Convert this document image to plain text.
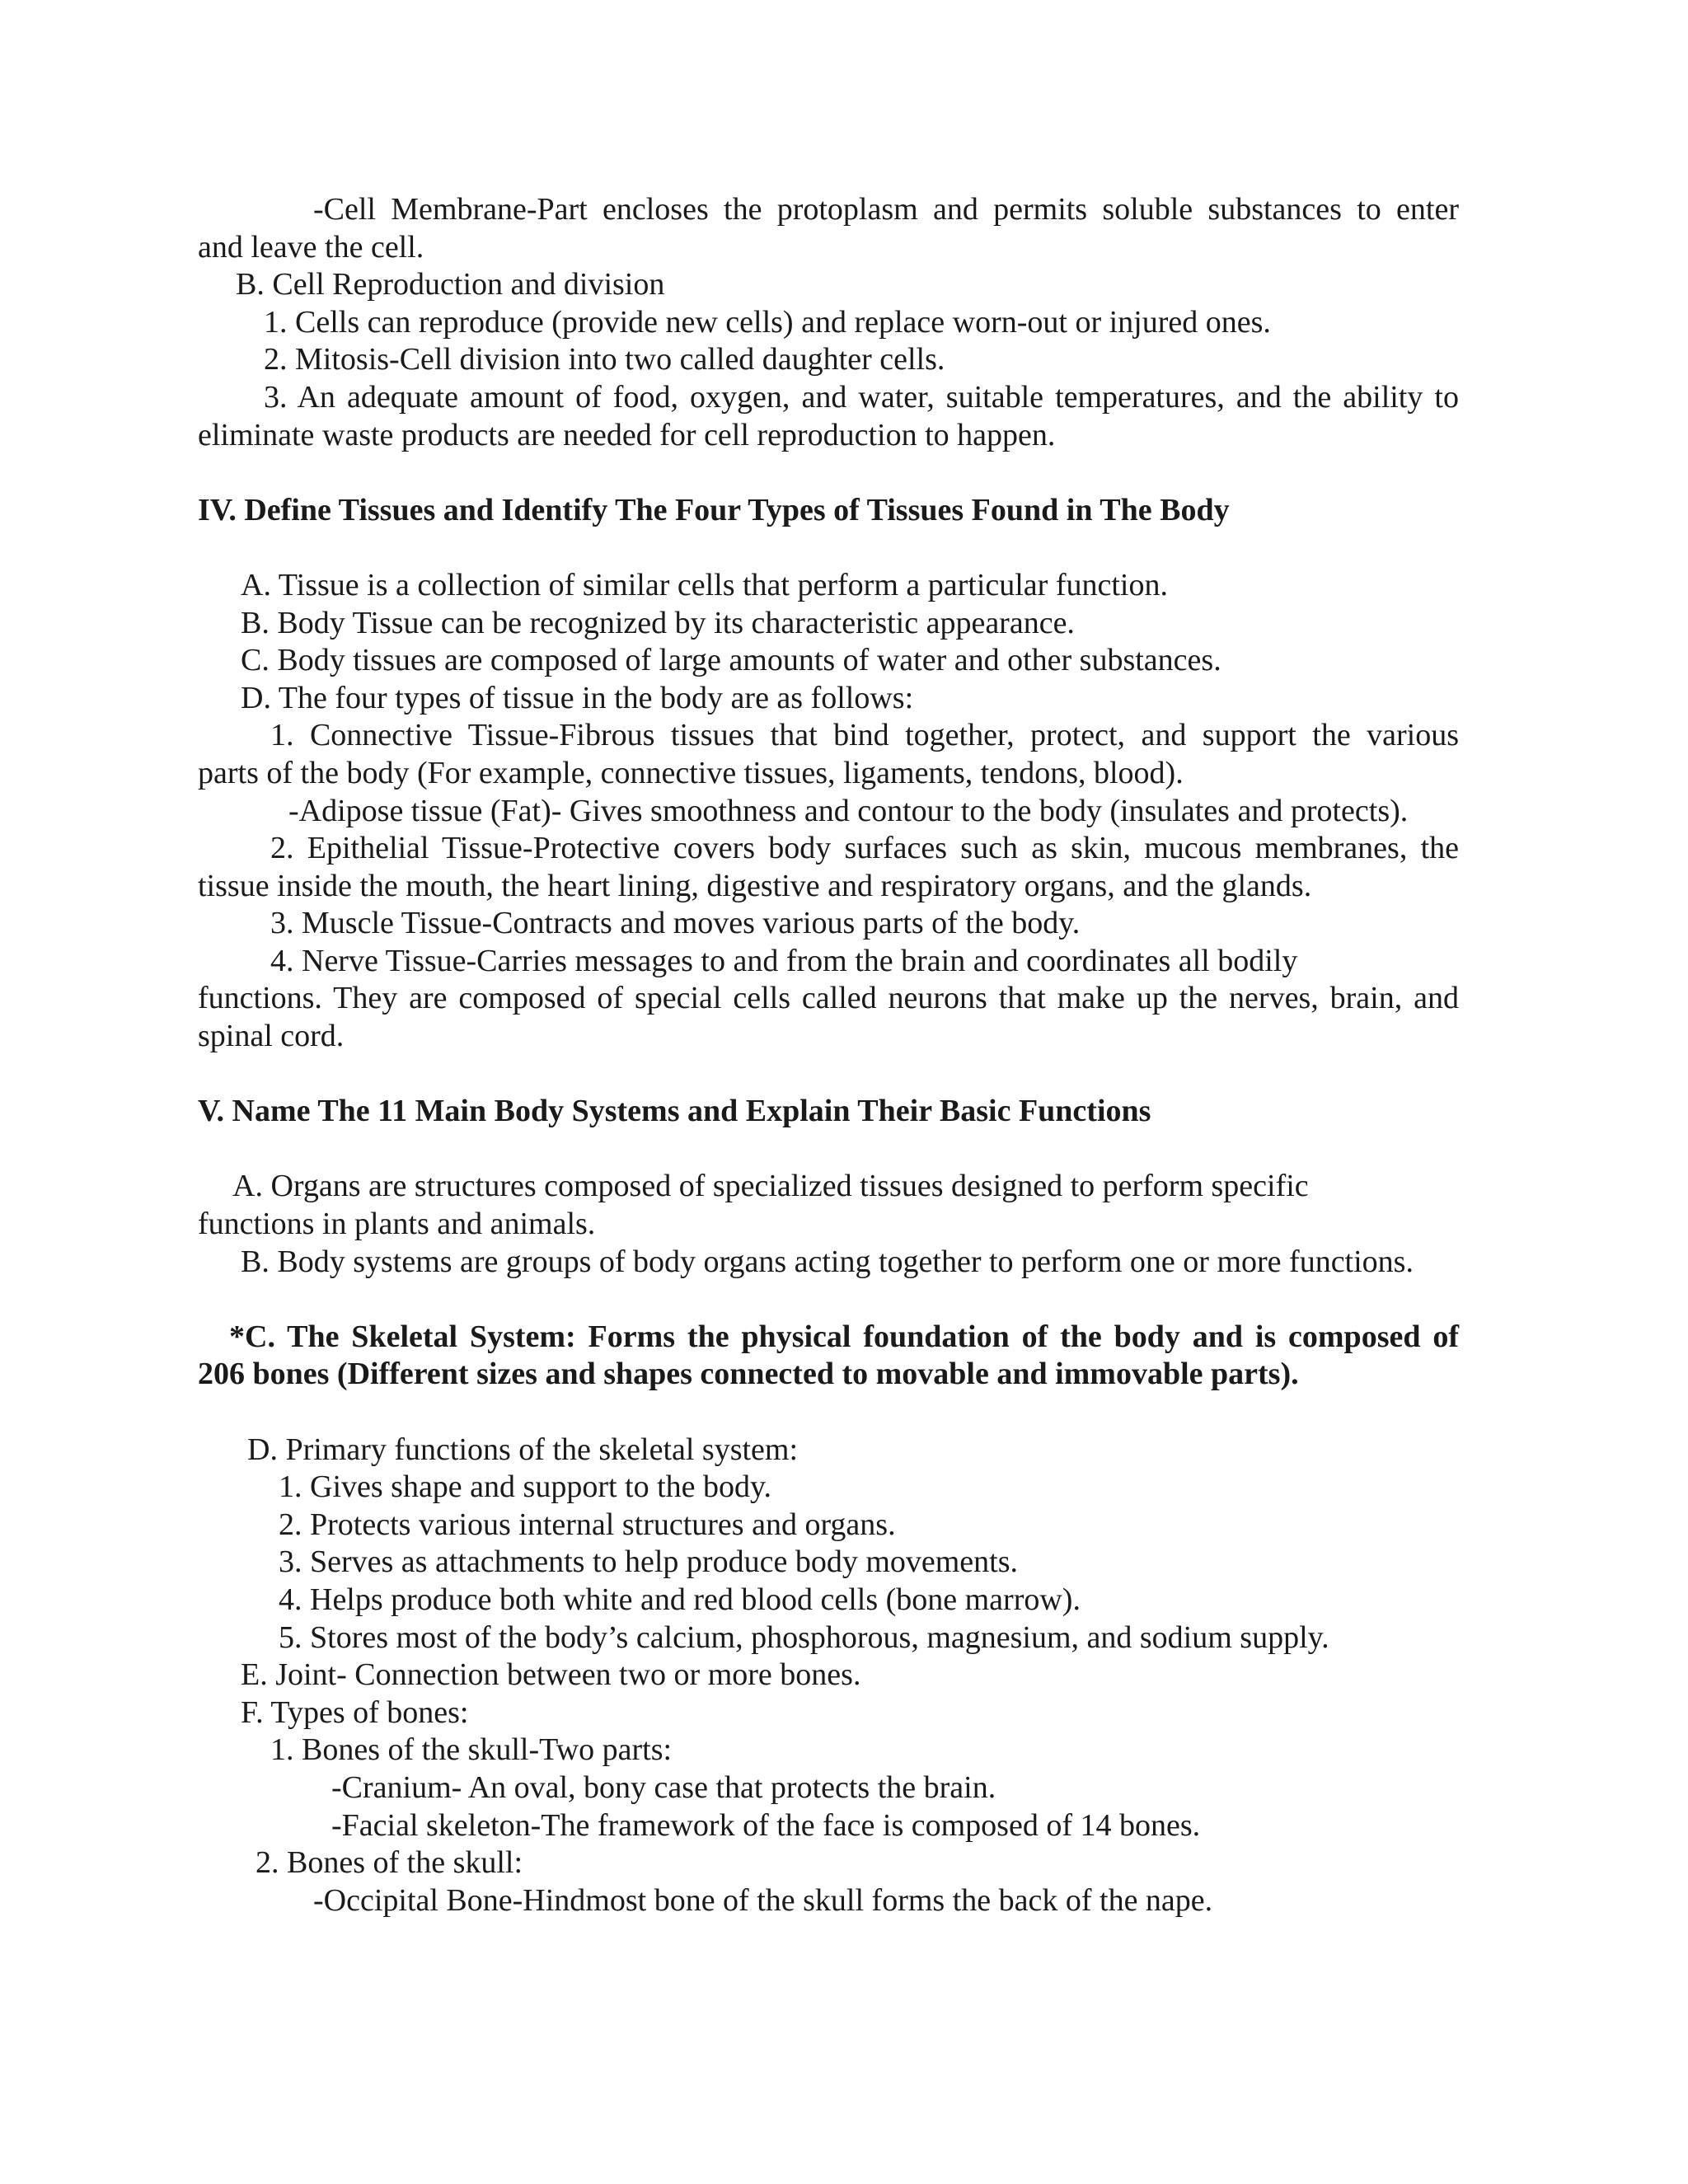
-Cell Membrane-Part encloses the protoplasm and permits soluble substances to enter

and leave the cell.

B. Cell Reproduction and division

1. Cells can reproduce (provide new cells) and replace worn-out or injured ones.

2. Mitosis-Cell division into two called daughter cells.

3. An adequate amount of food, oxygen, and water, suitable temperatures, and the ability to

eliminate waste products are needed for cell reproduction to happen.

IV. Define Tissues and Identify The Four Types of Tissues Found in The Body

A. Tissue is a collection of similar cells that perform a particular function.

B. Body Tissue can be recognized by its characteristic appearance.

C. Body tissues are composed of large amounts of water and other substances.

D. The four types of tissue in the body are as follows:

1. Connective Tissue-Fibrous tissues that bind together, protect, and support the various

parts of the body (For example, connective tissues, ligaments, tendons, blood).

-Adipose tissue (Fat)- Gives smoothness and contour to the body (insulates and protects).

2. Epithelial Tissue-Protective covers body surfaces such as skin, mucous membranes, the

tissue inside the mouth, the heart lining, digestive and respiratory organs, and the glands.

3. Muscle Tissue-Contracts and moves various parts of the body.

4. Nerve Tissue-Carries messages to and from the brain and coordinates all bodily

functions. They are composed of special cells called neurons that make up the nerves, brain, and

spinal cord.

V. Name The 11 Main Body Systems and Explain Their Basic Functions

A. Organs are structures composed of specialized tissues designed to perform specific

functions in plants and animals.

B. Body systems are groups of body organs acting together to perform one or more functions.

*C. The Skeletal System: Forms the physical foundation of the body and is composed of

206 bones (Different sizes and shapes connected to movable and immovable parts).

D. Primary functions of the skeletal system:

1. Gives shape and support to the body.

2. Protects various internal structures and organs.

3. Serves as attachments to help produce body movements.

4. Helps produce both white and red blood cells (bone marrow).

5. Stores most of the body’s calcium, phosphorous, magnesium, and sodium supply.

E. Joint- Connection between two or more bones.

F. Types of bones:

1. Bones of the skull-Two parts:

-Cranium- An oval, bony case that protects the brain.

-Facial skeleton-The framework of the face is composed of 14 bones.

2. Bones of the skull:

-Occipital Bone-Hindmost bone of the skull forms the back of the nape.
